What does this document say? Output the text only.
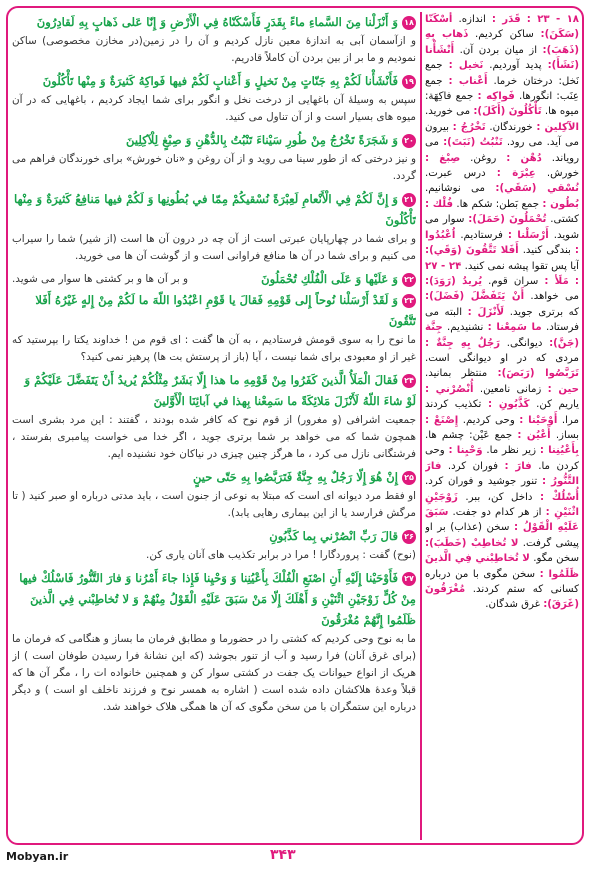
۱۸وَ أَنْزَلْنا مِنَ السَّماءِ ماءً بِقَدَرٍ فَأَسْكَنّاهُ فِي الْأَرْضِ وَ إِنّا عَلى ذَهابٍ بِهِ لَقادِرُونَ

و ازآسمان آبی به اندازۀ معین نازل کردیم و آن را در زمین(در مخازن مخصوصی) ساکن نمودیم و ما بر از بین بردن آن کاملاً قادریم.

۱۹فَأَنْشَأْنا لَكُمْ بِهِ جَنّاتٍ مِنْ نَخيلٍ وَ أَعْنابٍ لَكُمْ فيها فَواكِهُ كَثيرَةٌ وَ مِنْها تَأْكُلُونَ

سپس به وسیلۀ آن باغهایی از درخت نخل و انگور برای شما ایجاد کردیم ، باغهایی که در آن میوه های بسیار است و از آن تناول می کنید.

۲۰وَ شَجَرَةً تَخْرُجُ مِنْ طُورِ سَيْناءَ تَنْبُتُ بِالدُّهْنِ وَ صِبْغٍ لِلْآكِلِينَ

و نیز درختی که از طور سینا می روید و از آن روغن و «نان خورش» برای خورندگان فراهم می گردد.

۲۱وَ إِنَّ لَكُمْ فِي الْأَنْعامِ لَعِبْرَةً نُسْقيكُمْ مِمّا في بُطُونِها وَ لَكُمْ فيها مَنافِعُ كَثيرَةٌ وَ مِنْها تَأْكُلُونَ

و برای شما در چهارپایان عبرتی است از آن چه در درون آن ها است (از شیر) شما را سیراب می کنیم و برای شما در آن ها منافع فراوانی است و از گوشت آن ها می خورید.

۲۲وَ عَلَيْها وَ عَلَى الْفُلْكِ تُحْمَلُونَ

و بر آن ها و بر کشتی ها سوار می شوید.

۲۳وَ لَقَدْ أَرْسَلْنا نُوحاً إِلى قَوْمِهِ فَقالَ يا قَوْمِ اعْبُدُوا اللّهَ ما لَكُمْ مِنْ إِلهٍ غَيْرُهُ أَفَلا تَتَّقُونَ

ما نوح را به سوی قومش فرستادیم ، به آن ها گفت : ای قوم من ! خداوند یکتا را بپرستید که غیر از او معبودی برای شما نیست ، آیا (باز از پرستش بت ها) پرهیز نمی کنید؟

۲۴فَقالَ الْمَلَأُ الَّذينَ كَفَرُوا مِنْ قَوْمِهِ ما هذا إِلّا بَشَرٌ مِثْلُكُمْ يُريدُ أَنْ يَتَفَضَّلَ عَلَيْكُمْ وَ لَوْ شاءَ اللّهُ لَأَنْزَلَ مَلائِكَةً ما سَمِعْنا بِهذا في آبائِنَا الْأَوَّلينَ

جمعیت اشرافی (و مغرور) از قوم نوح که کافر شده بودند ، گفتند : این مرد بشری است همچون شما که می خواهد بر شما برتری جوید ، اگر خدا می خواست پیامبری بفرستد ، فرشتگانی نازل می کرد ، ما هرگز چنین چیزی در نیاکان خود نشنیده ایم.

۲۵إِنْ هُوَ إِلّا رَجُلٌ بِهِ جِنَّةٌ فَتَرَبَّصُوا بِهِ حَتّى حينٍ

او فقط مرد دیوانه ای است که مبتلا به نوعی از جنون است ، باید مدتی درباره او صبر کنید ( تا مرگش فرارسد یا از این بیماری رهایی یابد).

۲۶قالَ رَبِّ انْصُرْني بِما كَذَّبُونِ

(نوح) گفت : پروردگارا ! مرا در برابر تکذیب های آنان یاری کن.

۲۷فَأَوْحَيْنا إِلَيْهِ أَنِ اصْنَعِ الْفُلْكَ بِأَعْيُنِنا وَ وَحْيِنا فَإِذا جاءَ أَمْرُنا وَ فارَ التَّنُّورُ فَاسْلُكْ فيها مِنْ كُلٍّ زَوْجَيْنِ اثْنَيْنِ وَ أَهْلَكَ إِلّا مَنْ سَبَقَ عَلَيْهِ الْقَوْلُ مِنْهُمْ وَ لا تُخاطِبْني فِي الَّذينَ ظَلَمُوا إِنَّهُمْ مُغْرَقُونَ

ما به نوح وحی کردیم که کشتی را در حضورما و مطابق فرمان ما بساز و هنگامی که فرمان ما (برای غرق آنان) فرا رسید و آب از تنور بجوشد (که این نشانۀ فرا رسیدن طوفان است ) از هریک از انواع حیوانات یک جفت در کشتی سوار کن و همچنین خانواده ات را ، مگر آن ها که قبلاً وعدۀ هلاکشان داده شده است ( اشاره به همسر نوح و فرزند ناخلف او است ) و دیگر درباره این ستمگران با من سخن مگوی که آن ها همگی هلاک خواهند شد.

۱۸ - ۲۳ : قَدَر : اندازه. أَسْكَنّا (سَكَنَ): ساکن کردیم. ذَهاب بِهِ (ذَهَبَ): از میان بردن آن. أَنْشَأْنا (نَشَأَ): پدید آوردیم. نَخيل : جمع نَخل: درختان خرما. أَعْناب : جمع عِنَب: انگورها. فَواكِه : جمع فاكِهَة: میوه ها. تَأْكُلُونَ (أَكَلَ): می خورید. الآكِلين : خورندگان. تَخْرُجُ : بیرون می آید. می رود. تَنْبُتُ (نَبَتَ): می رویاند. دُهْن : روغن. صِبْغ : خورش. عِبْرَة : درس عبرت. نُسْقي (سَقَي): می نوشانیم. بُطُون : جمع بَطن: شکم ها. فُلْك : کشتی. تُحْمَلُونَ (حَمَلَ): سوار می شوید. أَرْسَلْنا : فرستادیم. اُعْبُدُوا : بندگی کنید. أَفَلا تَتَّقُونَ (وَقَي): آیا پس تقوا پیشه نمی کنید. ۲۴ - ۲۷ : مَلَأ : سران قوم. يُريدُ (رَوَدَ): می خواهد. أَنْ يَتَفَضَّلَ (فَضَلَ): که برتری جوید. لَأَنْزَلَ : البته می فرستاد. ما سَمِعْنا : نشنیدیم. جِنَّة (جَنَّ): دیوانگی. رَجُلٌ بِهِ جِنَّةٌ : مردی که در او دیوانگی است. تَرَبَّصُوا (رَبَصَ): منتظر بمانید. حين : زمانی نامعین. أُنْصُرْني : یاریم کن. كَذَّبُونِ : تکذیب کردند مرا. أَوْحَيْنا : وحی کردیم. إِصْنَعْ : بساز. أَعْيُن : جمع عَيْن: چشم ها. بِأَعْيُنِنا : زیر نظر ما. وَحْيِنا : وحی کردن ما. فارَ : فوران کرد. فارَ التَّنُّورُ : تنور جوشید و فوران کرد. أُسْلُكْ : داخل کن، ببر. زَوْجَيْنِ اثْنَيْنِ : از هر کدام دو جفت. سَبَقَ عَلَيْهِ الْقَوْلُ : سخن (عذاب) بر او پیشی گرفت. لا تُخاطِبْ (خَطَبَ): سخن مگو. لا تُخاطِبْني فِي الَّذينَ ظَلَمُوا : سخن مگوی با من درباره کسانی که ستم کردند. مُغْرَقُونَ (غَرَقَ): غرق شدگان.
۳۴۳
Mobyan.ir
